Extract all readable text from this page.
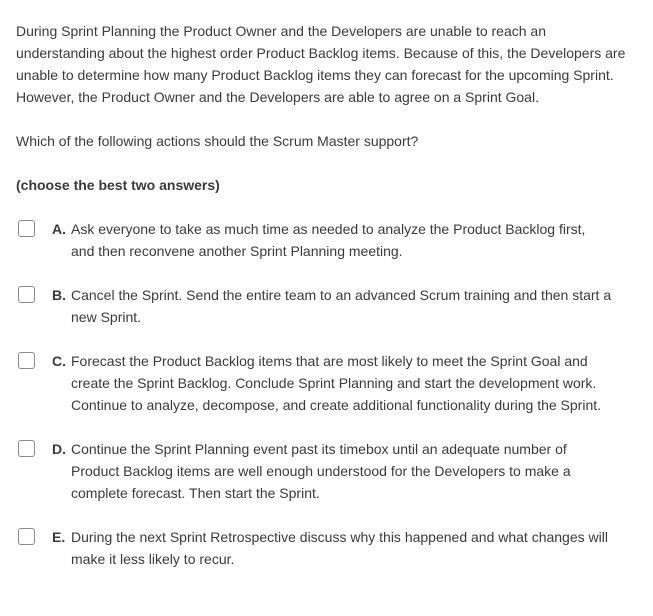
During Sprint Planning the Product Owner and the Developers are unable to reach an understanding about the highest order Product Backlog items. Because of this, the Developers are unable to determine how many Product Backlog items they can forecast for the upcoming Sprint. However, the Product Owner and the Developers are able to agree on a Sprint Goal.

Which of the following actions should the Scrum Master support?

(choose the best two answers)

A. Ask everyone to take as much time as needed to analyze the Product Backlog first, and then reconvene another Sprint Planning meeting.
B. Cancel the Sprint. Send the entire team to an advanced Scrum training and then start a new Sprint.
C. Forecast the Product Backlog items that are most likely to meet the Sprint Goal and create the Sprint Backlog. Conclude Sprint Planning and start the development work. Continue to analyze, decompose, and create additional functionality during the Sprint.
D. Continue the Sprint Planning event past its timebox until an adequate number of Product Backlog items are well enough understood for the Developers to make a complete forecast. Then start the Sprint.
E. During the next Sprint Retrospective discuss why this happened and what changes will make it less likely to recur.
